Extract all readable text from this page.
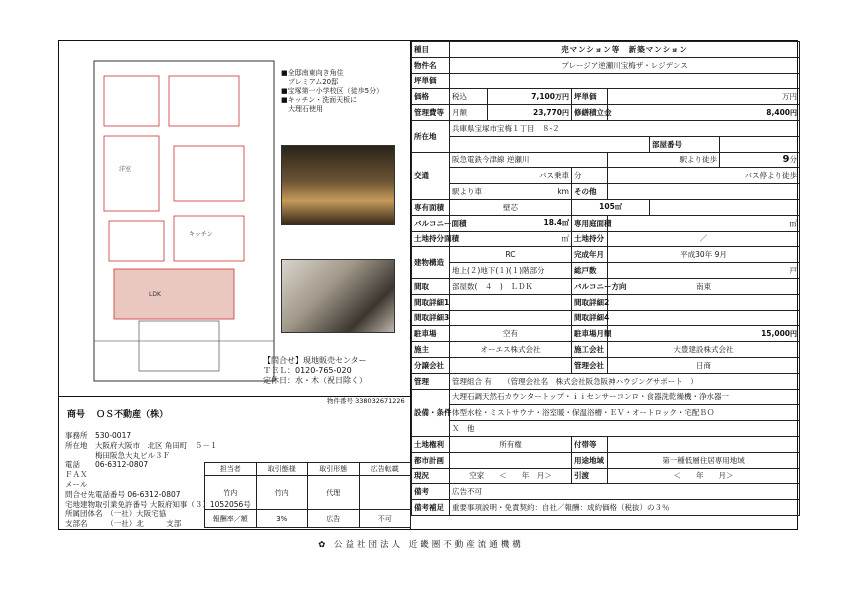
LDK
洋室
キッチン
■全邸南東向き角住
　プレミアム20邸
■宝塚第一小学校区（徒歩5分）
■キッチン・洗面天板に
　大理石使用
【問合せ】現地販売センター
ＴＥＬ：0120-765-020
定休日：水・木（祝日除く）
物件番号 338032671226
商号 ＯＳ不動産（株）
事務所　530-0017
所在地　大阪府大阪市　北区 角田町　５－１
　　　　梅田阪急大丸ビル３Ｆ
電話　　06-6312-0807
ＦＡＸ
メール
問合せ先電話番号 06-6312-0807
宅地建物取引業免許番号 大阪府知事（３）1052056号
所属団体名　（一社）大阪宅協
支部名　　　（一社）北　　　支部
担当者	取引態様	取引形態	広告転載
竹内	竹内	代理	
報酬率／額	3%	広告	不可
種目	売マンション等　新築マンション					
物件名	プレージア逆瀬川宝梅ザ・レジデンス					
坪単価						
価格	税込	7,100万円	坪単価	万円		
管理費等	月額	23,770円	修繕積立金	8,400円		
所在地	兵庫県宝塚市宝梅１丁目　８-２					
					部屋番号	
交通	阪急電鉄今津線 逆瀬川			駅より徒歩		9分
	バス乗車		分	バス停より徒歩		
	駅より車 km		その他			
専有面積	壁芯		105㎡			
バルコニー面積	18.4㎡		専用庭面積	㎡		
土地持分面積	㎡		土地持分	／		
建物構造	RC		完成年月	平成30年 9月		
	地上(２)地下(１)(１)階部分		総戸数	戸		
間取	部屋数(　４　)　ＬＤＫ		バルコニー方向	南東		
間取詳細1			間取詳細2			
間取詳細3			間取詳細4			
駐車場	空有		駐車場月額	15,000円		
施主	オーエス株式会社		施工会社	大豊建設株式会社		
分譲会社			管理会社	日商		
管理	管理組合 有　　（管理会社名　株式会社阪急阪神ハウジングサポート　）					
設備・条件	大理石調天然石カウンタートップ・ｉｉセンサーコンロ・食器洗乾燥機・浄水器一					
	体型水栓・ミストサウナ・浴室暖・保温浴槽・ＥＶ・オートロック・宅配ＢＯ					
	Ｘ　他					
土地権利	所有権		付帯等			
都市計画			用途地域	第一種低層住居専用地域		
現況	空家　　＜　　年　月＞		引渡	＜　　年　　月＞		
備考	広告不可					
備考補足	重要事項説明・免責契約：自社／報酬：成約価格（税抜）の３％					
✿ 公益社団法人 近畿圏不動産流通機構
